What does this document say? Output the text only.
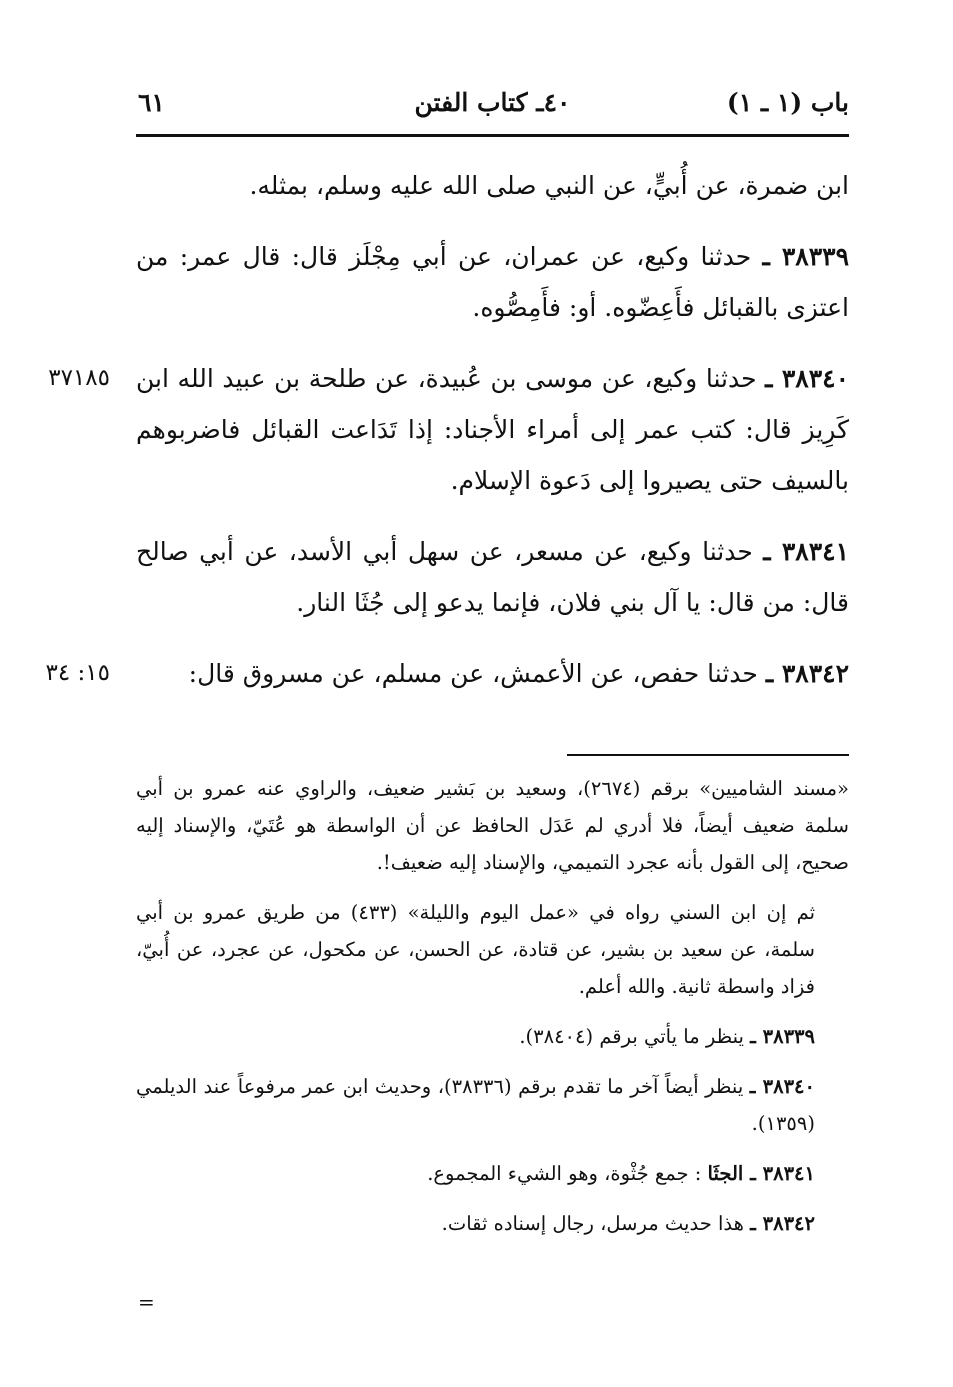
باب (١ ـ ١)
٤٠ـ كتاب الفتن
٦١

ابن ضمرة، عن أُبيٍّ، عن النبي صلى الله عليه وسلم، بمثله.

٣٨٣٣٩ ـ حدثنا وكيع، عن عمران، عن أبي مِجْلَز قال: قال عمر: من اعتزى بالقبائل فأَعِضّوه. أو: فأَمِصُّوه.

٣٧١٨٥	٣٨٣٤٠ ـ حدثنا وكيع، عن موسى بن عُبيدة، عن طلحة بن عبيد الله ابن كَرِيز قال: كتب عمر إلى أمراء الأجناد: إذا تَدَاعت القبائل فاضربوهم بالسيف حتى يصيروا إلى دَعوة الإسلام.

٣٨٣٤١ ـ حدثنا وكيع، عن مسعر، عن سهل أبي الأسد، عن أبي صالح قال: من قال: يا آل بني فلان، فإنما يدعو إلى جُثَا النار.

١٥: ٣٤	٣٨٣٤٢ ـ حدثنا حفص، عن الأعمش، عن مسلم، عن مسروق قال:

«مسند الشاميين» برقم (٢٦٧٤)، وسعيد بن بَشير ضعيف، والراوي عنه عمرو بن أبي سلمة ضعيف أيضاً، فلا أدري لم عَدَل الحافظ عن أن الواسطة هو عُتَيّ، والإسناد إليه صحيح، إلى القول بأنه عجرد التميمي، والإسناد إليه ضعيف!.

ثم إن ابن السني رواه في «عمل اليوم والليلة» (٤٣٣) من طريق عمرو بن أبي سلمة، عن سعيد بن بشير، عن قتادة، عن الحسن، عن مكحول، عن عجرد، عن أُبيّ، فزاد واسطة ثانية. والله أعلم.

٣٨٣٣٩ ـ ينظر ما يأتي برقم (٣٨٤٠٤).

٣٨٣٤٠ ـ ينظر أيضاً آخر ما تقدم برقم (٣٨٣٣٦)، وحديث ابن عمر مرفوعاً عند الديلمي (١٣٥٩).

٣٨٣٤١ ـ الجثَا : جمع جُثْوة، وهو الشيء المجموع.

٣٨٣٤٢ ـ هذا حديث مرسل، رجال إسناده ثقات.

=
